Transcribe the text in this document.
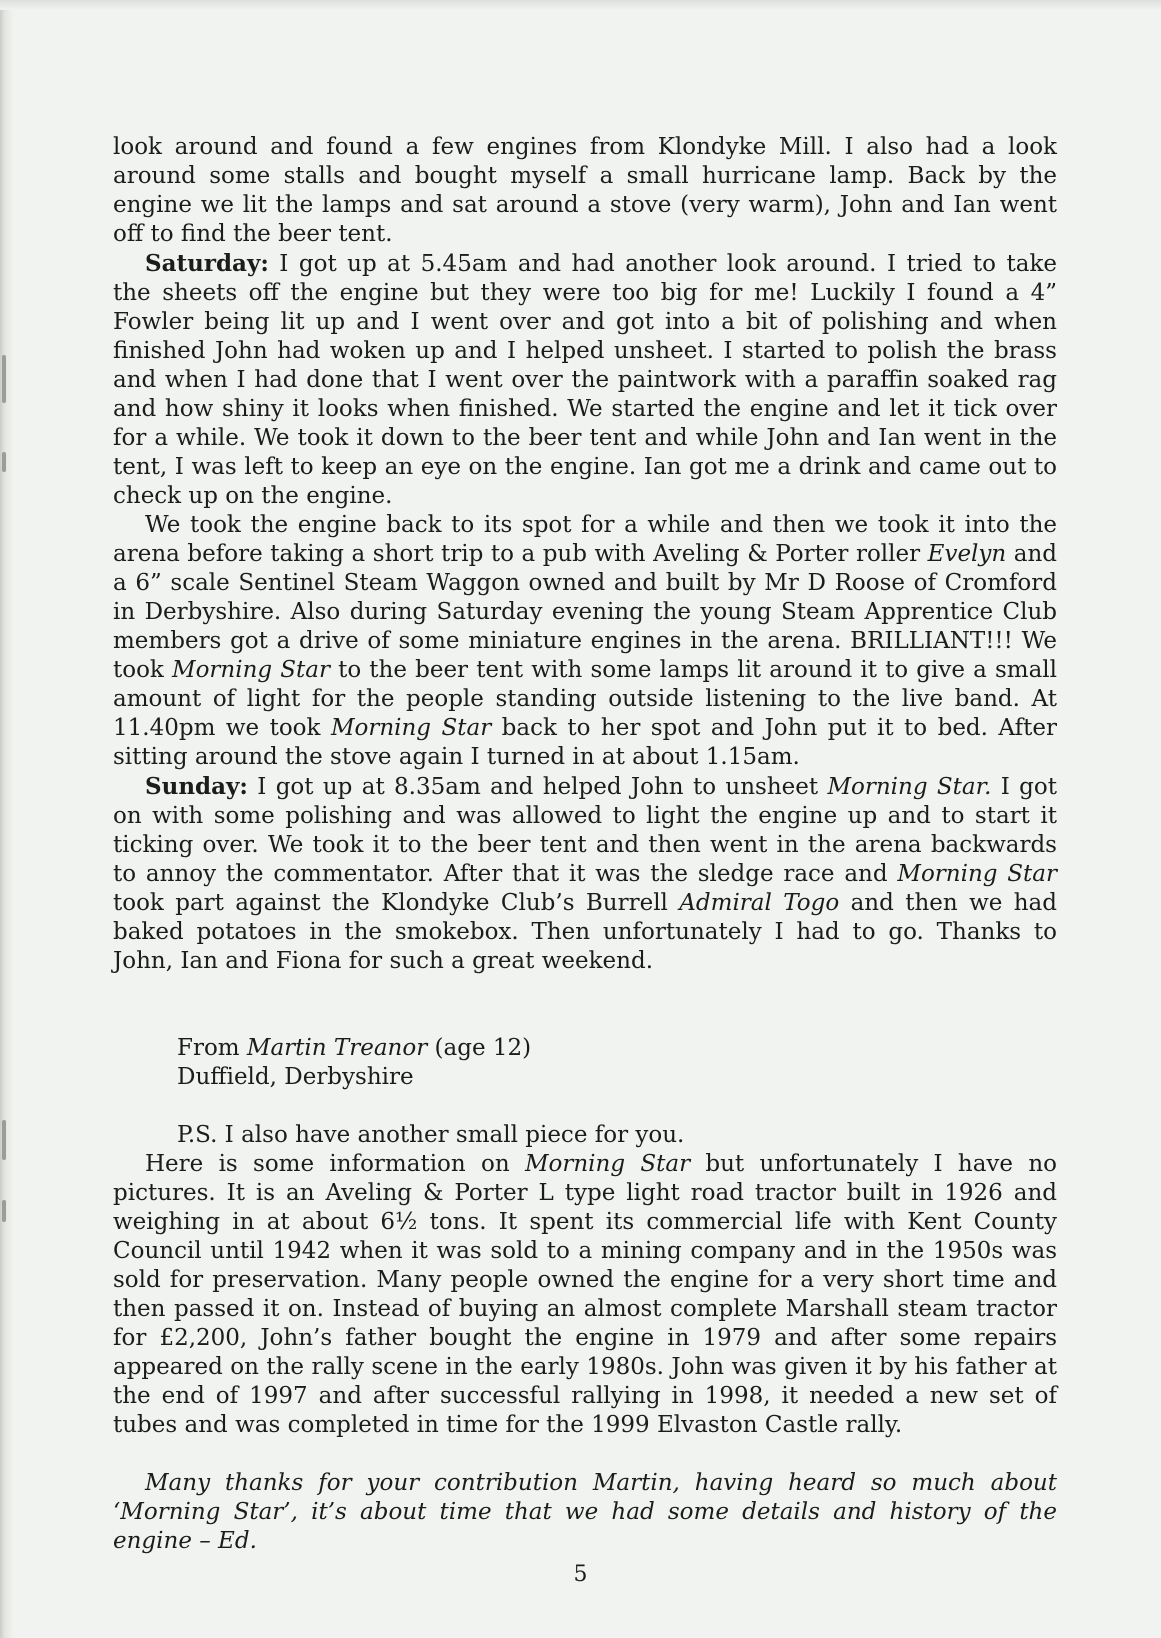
look around and found a few engines from Klondyke Mill. I also had a look around some stalls and bought myself a small hurricane lamp. Back by the engine we lit the lamps and sat around a stove (very warm), John and Ian went off to find the beer tent.

Saturday: I got up at 5.45am and had another look around. I tried to take the sheets off the engine but they were too big for me! Luckily I found a 4” Fowler being lit up and I went over and got into a bit of polishing and when finished John had woken up and I helped unsheet. I started to polish the brass and when I had done that I went over the paintwork with a paraffin soaked rag and how shiny it looks when finished. We started the engine and let it tick over for a while. We took it down to the beer tent and while John and Ian went in the tent, I was left to keep an eye on the engine. Ian got me a drink and came out to check up on the engine.

We took the engine back to its spot for a while and then we took it into the arena before taking a short trip to a pub with Aveling & Porter roller Evelyn and a 6” scale Sentinel Steam Waggon owned and built by Mr D Roose of Cromford in Derbyshire. Also during Saturday evening the young Steam Apprentice Club members got a drive of some miniature engines in the arena. BRILLIANT!!! We took Morning Star to the beer tent with some lamps lit around it to give a small amount of light for the people standing outside listening to the live band. At 11.40pm we took Morning Star back to her spot and John put it to bed. After sitting around the stove again I turned in at about 1.15am.

Sunday: I got up at 8.35am and helped John to unsheet Morning Star. I got on with some polishing and was allowed to light the engine up and to start it ticking over. We took it to the beer tent and then went in the arena backwards to annoy the commentator. After that it was the sledge race and Morning Star took part against the Klondyke Club’s Burrell Admiral Togo and then we had baked potatoes in the smokebox. Then unfortunately I had to go. Thanks to John, Ian and Fiona for such a great weekend.

From Martin Treanor (age 12)

Duffield, Derbyshire

P.S. I also have another small piece for you.

Here is some information on Morning Star but unfortunately I have no pictures. It is an Aveling & Porter L type light road tractor built in 1926 and weighing in at about 6½ tons. It spent its commercial life with Kent County Council until 1942 when it was sold to a mining company and in the 1950s was sold for preservation. Many people owned the engine for a very short time and then passed it on. Instead of buying an almost complete Marshall steam tractor for £2,200, John’s father bought the engine in 1979 and after some repairs appeared on the rally scene in the early 1980s. John was given it by his father at the end of 1997 and after successful rallying in 1998, it needed a new set of tubes and was completed in time for the 1999 Elvaston Castle rally.

Many thanks for your contribution Martin, having heard so much about ‘Morning Star’, it’s about time that we had some details and history of the engine – Ed.

5
